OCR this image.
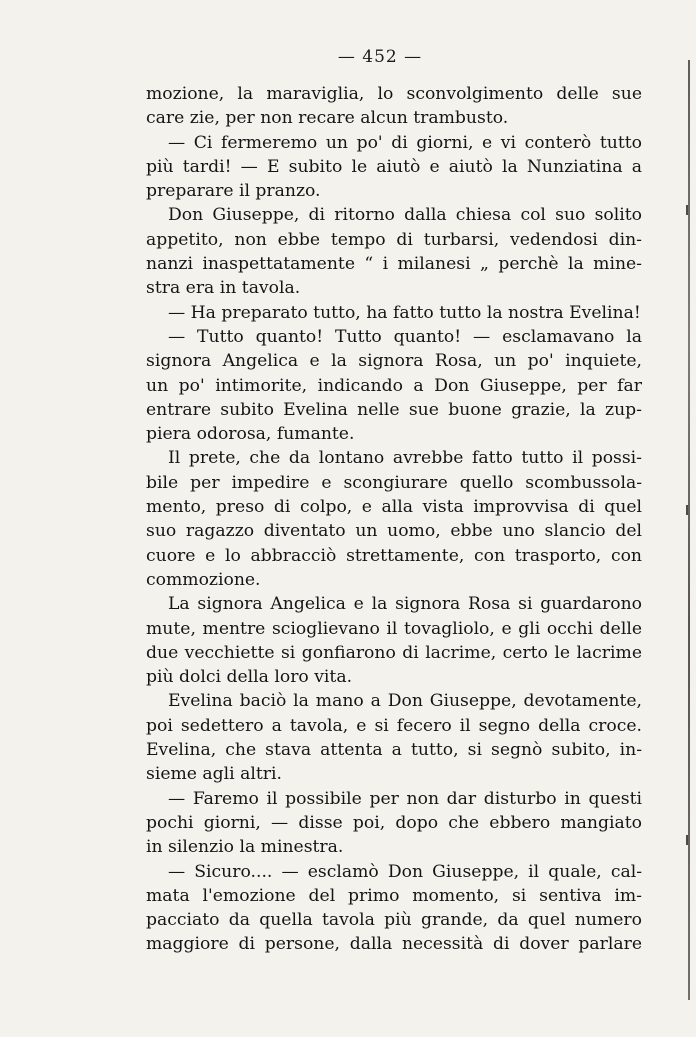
— 452 —
mozione, la maraviglia, lo sconvolgimento delle sue
care zie, per non recare alcun trambusto.
— Ci fermeremo un po' di giorni, e vi conterò tutto
più tardi! — E subito le aiutò e aiutò la Nunziatina a
preparare il pranzo.
Don Giuseppe, di ritorno dalla chiesa col suo solito
appetito, non ebbe tempo di turbarsi, vedendosi din-
nanzi inaspettatamente “ i milanesi „ perchè la mine-
stra era in tavola.
— Ha preparato tutto, ha fatto tutto la nostra Evelina!
— Tutto quanto! Tutto quanto! — esclamavano la
signora Angelica e la signora Rosa, un po' inquiete,
un po' intimorite, indicando a Don Giuseppe, per far
entrare subito Evelina nelle sue buone grazie, la zup-
piera odorosa, fumante.
Il prete, che da lontano avrebbe fatto tutto il possi-
bile per impedire e scongiurare quello scombussola-
mento, preso di colpo, e alla vista improvvisa di quel
suo ragazzo diventato un uomo, ebbe uno slancio del
cuore e lo abbracciò strettamente, con trasporto, con
commozione.
La signora Angelica e la signora Rosa si guardarono
mute, mentre scioglievano il tovagliolo, e gli occhi delle
due vecchiette si gonfiarono di lacrime, certo le lacrime
più dolci della loro vita.
Evelina baciò la mano a Don Giuseppe, devotamente,
poi sedettero a tavola, e si fecero il segno della croce.
Evelina, che stava attenta a tutto, si segnò subito, in-
sieme agli altri.
— Faremo il possibile per non dar disturbo in questi
pochi giorni, — disse poi, dopo che ebbero mangiato
in silenzio la minestra.
— Sicuro.... — esclamò Don Giuseppe, il quale, cal-
mata l'emozione del primo momento, si sentiva im-
pacciato da quella tavola più grande, da quel numero
maggiore di persone, dalla necessità di dover parlare
